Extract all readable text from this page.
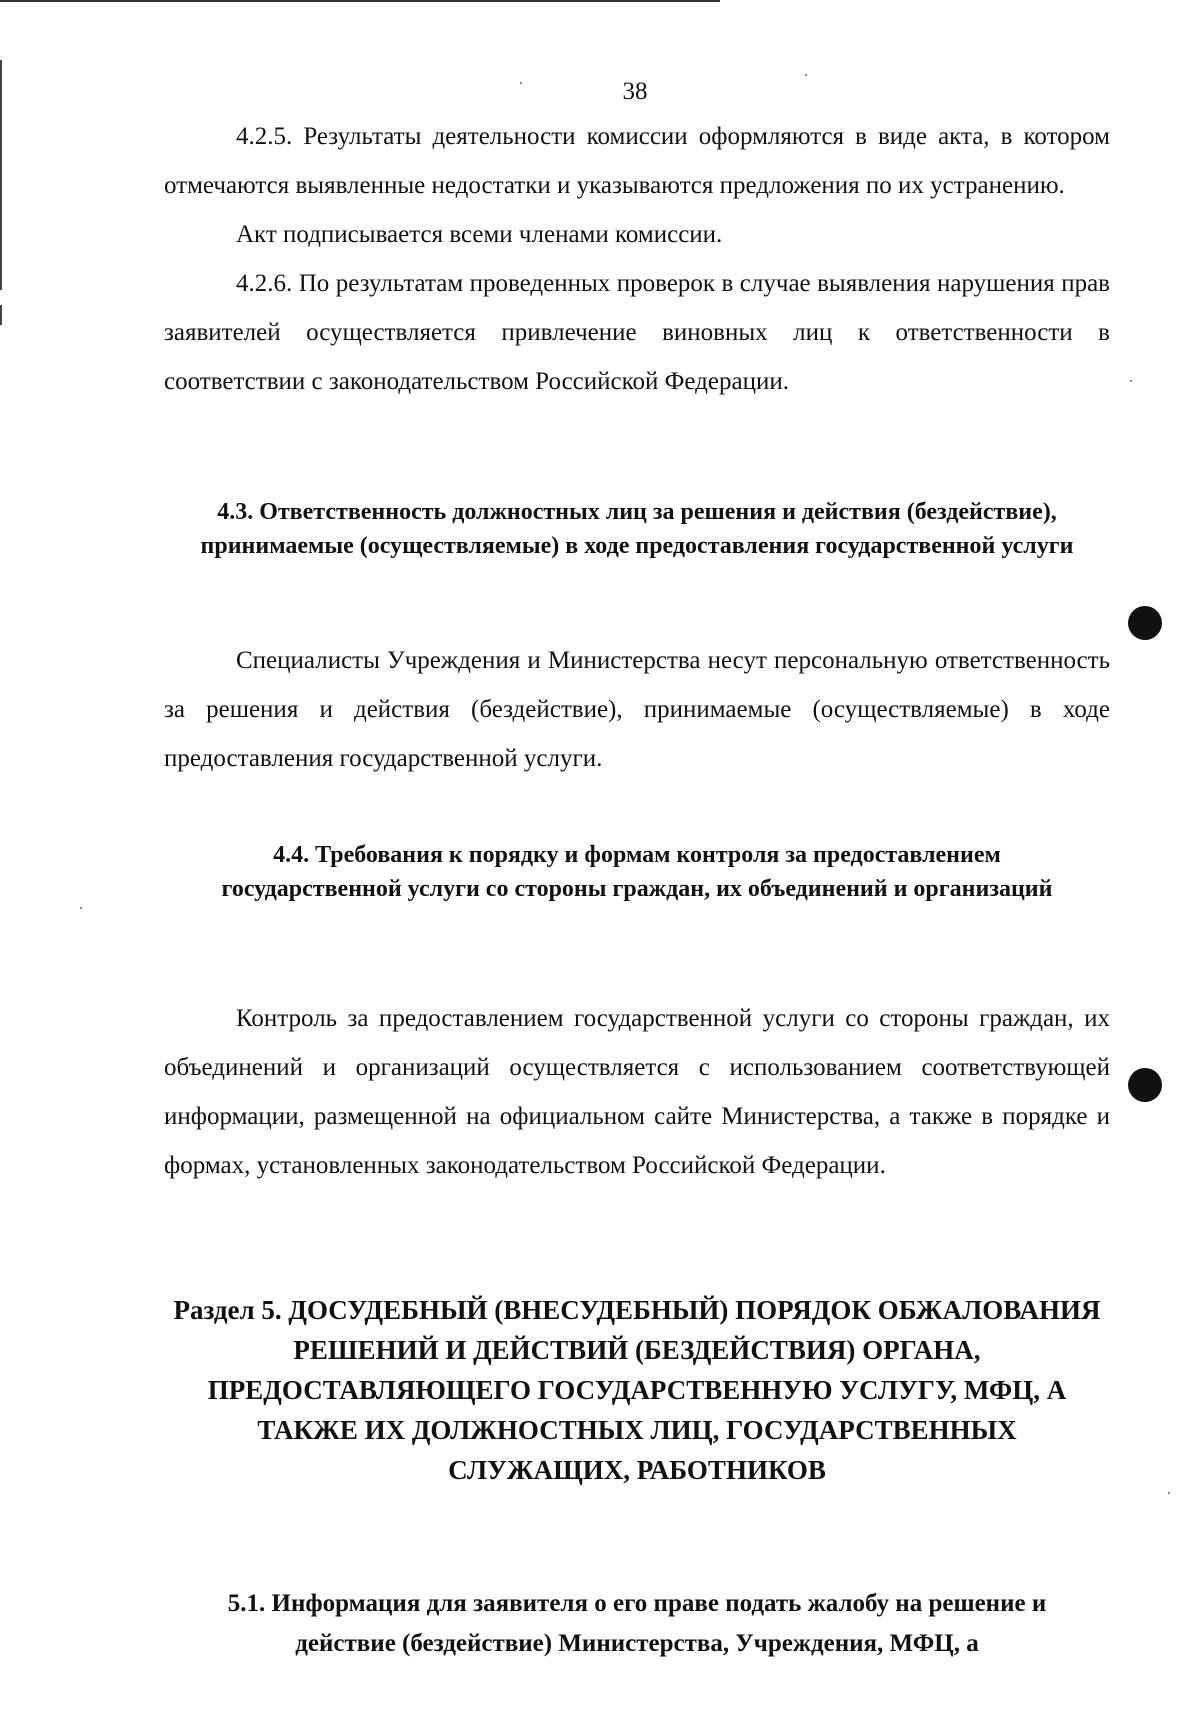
38

4.2.5. Результаты деятельности комиссии оформляются в виде акта, в котором отмечаются выявленные недостатки и указываются предложения по их устранению.

Акт подписывается всеми членами комиссии.

4.2.6. По результатам проведенных проверок в случае выявления нарушения прав заявителей осуществляется привлечение виновных лиц к ответственности в соответствии с законодательством Российской Федерации.

4.3. Ответственность должностных лиц за решения и действия (бездействие), принимаемые (осуществляемые) в ходе предоставления государственной услуги

Специалисты Учреждения и Министерства несут персональную ответственность за решения и действия (бездействие), принимаемые (осуществляемые) в ходе предоставления государственной услуги.

4.4. Требования к порядку и формам контроля за предоставлением государственной услуги со стороны граждан, их объединений и организаций

Контроль за предоставлением государственной услуги со стороны граждан, их объединений и организаций осуществляется с использованием соответствующей информации, размещенной на официальном сайте Министерства, а также в порядке и формах, установленных законодательством Российской Федерации.

Раздел 5. ДОСУДЕБНЫЙ (ВНЕСУДЕБНЫЙ) ПОРЯДОК ОБЖАЛОВАНИЯ РЕШЕНИЙ И ДЕЙСТВИЙ (БЕЗДЕЙСТВИЯ) ОРГАНА, ПРЕДОСТАВЛЯЮЩЕГО ГОСУДАРСТВЕННУЮ УСЛУГУ, МФЦ, А ТАКЖЕ ИХ ДОЛЖНОСТНЫХ ЛИЦ, ГОСУДАРСТВЕННЫХ СЛУЖАЩИХ, РАБОТНИКОВ
5.1. Информация для заявителя о его праве подать жалобу на решение и действие (бездействие) Министерства, Учреждения, МФЦ, а
